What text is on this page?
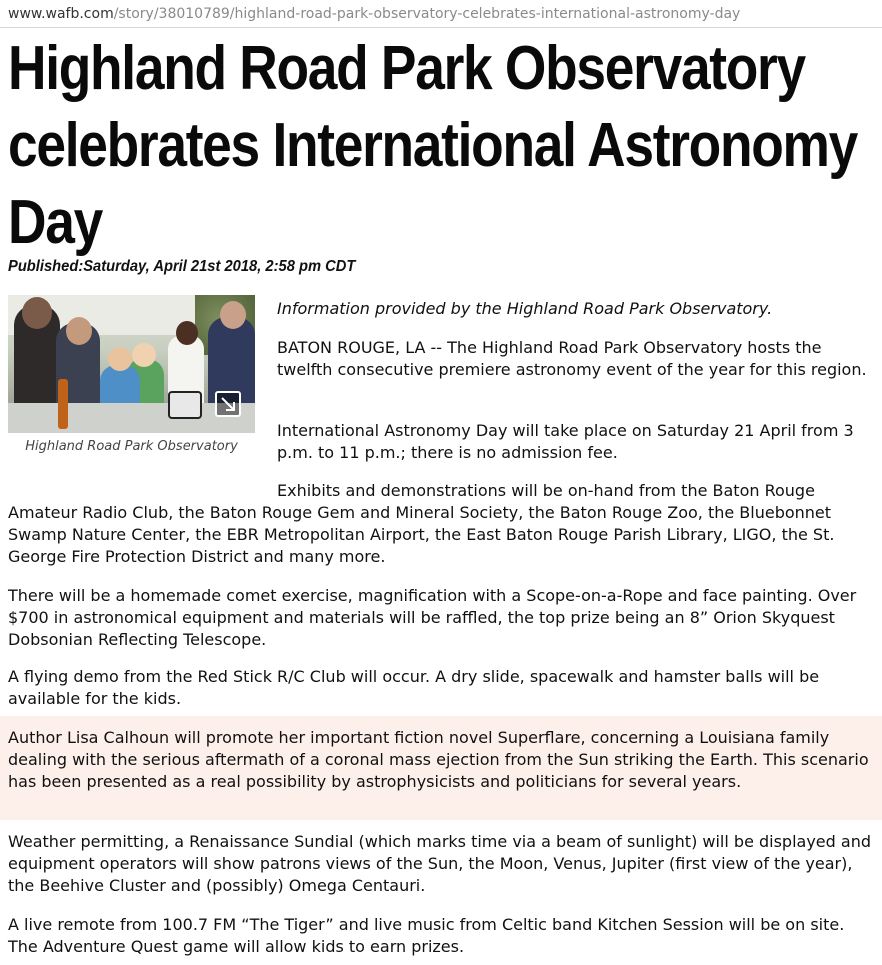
www.wafb.com/story/38010789/highland-road-park-observatory-celebrates-international-astronomy-day
Highland Road Park Observatory celebrates International Astronomy Day
Published:Saturday, April 21st 2018, 2:58 pm CDT
Highland Road Park Observatory

Information provided by the Highland Road Park Observatory.

BATON ROUGE, LA -- The Highland Road Park Observatory hosts the twelfth consecutive premiere astronomy event of the year for this region.

International Astronomy Day will take place on Saturday 21 April from 3 p.m. to 11 p.m.; there is no admission fee.

Exhibits and demonstrations will be on-hand from the Baton Rouge Amateur Radio Club, the Baton Rouge Gem and Mineral Society, the Baton Rouge Zoo, the Bluebonnet Swamp Nature Center, the EBR Metropolitan Airport, the East Baton Rouge Parish Library, LIGO, the St. George Fire Protection District and many more.

There will be a homemade comet exercise, magnification with a Scope-on-a-Rope and face painting. Over $700 in astronomical equipment and materials will be raffled, the top prize being an 8” Orion Skyquest Dobsonian Reflecting Telescope.

A flying demo from the Red Stick R/C Club will occur. A dry slide, spacewalk and hamster balls will be available for the kids.

Author Lisa Calhoun will promote her important fiction novel Superflare, concerning a Louisiana family dealing with the serious aftermath of a coronal mass ejection from the Sun striking the Earth. This scenario has been presented as a real possibility by astrophysicists and politicians for several years.

Weather permitting, a Renaissance Sundial (which marks time via a beam of sunlight) will be displayed and equipment operators will show patrons views of the Sun, the Moon, Venus, Jupiter (first view of the year), the Beehive Cluster and (possibly) Omega Centauri.

A live remote from 100.7 FM “The Tiger” and live music from Celtic band Kitchen Session will be on site. The Adventure Quest game will allow kids to earn prizes.
